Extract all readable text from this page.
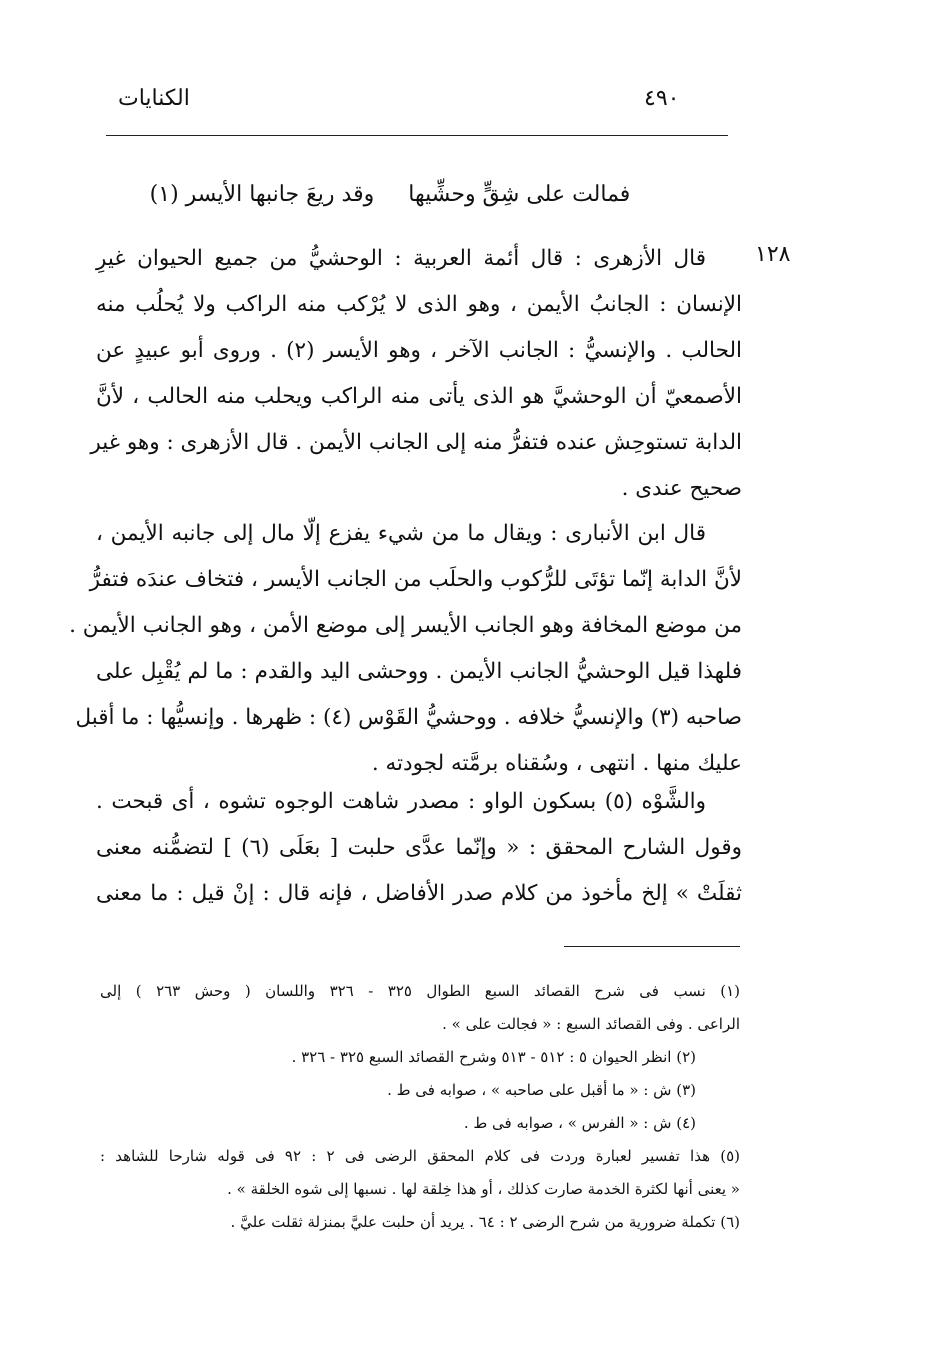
الكنايات	٤٩٠
فمالت على شِقٍّ وحشِّيهاوقد ريعَ جانبها الأيسر (١)
١٢٨
قال الأزهرى : قال أئمة العربية : الوحشيُّ من جميع الحيوان غيرِ
الإنسان : الجانبُ الأيمن ، وهو الذى لا يُرْكب منه الراكب ولا يُحلُب منه
الحالب . والإنسيُّ : الجانب الآخر ، وهو الأيسر (٢) . وروى أبو عبيدٍ عن
الأصمعيّ أن الوحشيَّ هو الذى يأتى منه الراكب ويحلب منه الحالب ، لأنَّ
الدابة تستوحِش عنده فتفرُّ منه إلى الجانب الأيمن . قال الأزهرى : وهو غير
صحيح عندى .
قال ابن الأنبارى : ويقال ما من شيء يفزع إلّا مال إلى جانبه الأيمن ،
لأنَّ الدابة إنّما تؤتَى للرُّكوب والحلَب من الجانب الأيسر ، فتخاف عندَه فتفرُّ
من موضع المخافة وهو الجانب الأيسر إلى موضع الأمن ، وهو الجانب الأيمن .
فلهذا قيل الوحشيُّ الجانب الأيمن . ووحشى اليد والقدم : ما لم يُقْبِل على
صاحبه (٣) والإنسيُّ خلافه . ووحشيُّ القَوْس (٤) : ظهرها . وإنسيُّها : ما أقبل
عليك منها . انتهى ، وسُقناه برمَّته لجودته .
والشَّوْه (٥) بسكون الواو : مصدر شاهت الوجوه تشوه ، أى قبحت .
وقول الشارح المحقق : « وإنّما عدَّى حلبت [ بعَلَى (٦) ] لتضمُّنه معنى
ثقلَتْ » إلخ مأخوذ من كلام صدر الأفاضل ، فإنه قال : إنْ قيل : ما معنى
(١) نسب فى شرح القصائد السبع الطوال ٣٢٥ - ٣٢٦ واللسان ( وحش ٢٦٣ ) إلى
الراعى . وفى القصائد السبع : « فجالت على » .
(٢) انظر الحيوان ٥ : ٥١٢ - ٥١٣ وشرح القصائد السبع ٣٢٥ - ٣٢٦ .
(٣) ش : « ما أقبل على صاحبه » ، صوابه فى ط .
(٤) ش : « الفرس » ، صوابه فى ط .
(٥) هذا تفسير لعبارة وردت فى كلام المحقق الرضى فى ٢ : ٩٢ فى قوله شارحا للشاهد :
« يعنى أنها لكثرة الخدمة صارت كذلك ، أو هذا خِلقة لها . نسبها إلى شوه الخلقة » .
(٦) تكملة ضرورية من شرح الرضى ٢ : ٦٤ . يريد أن حلبت عليَّ بمنزلة ثقلت عليَّ .
